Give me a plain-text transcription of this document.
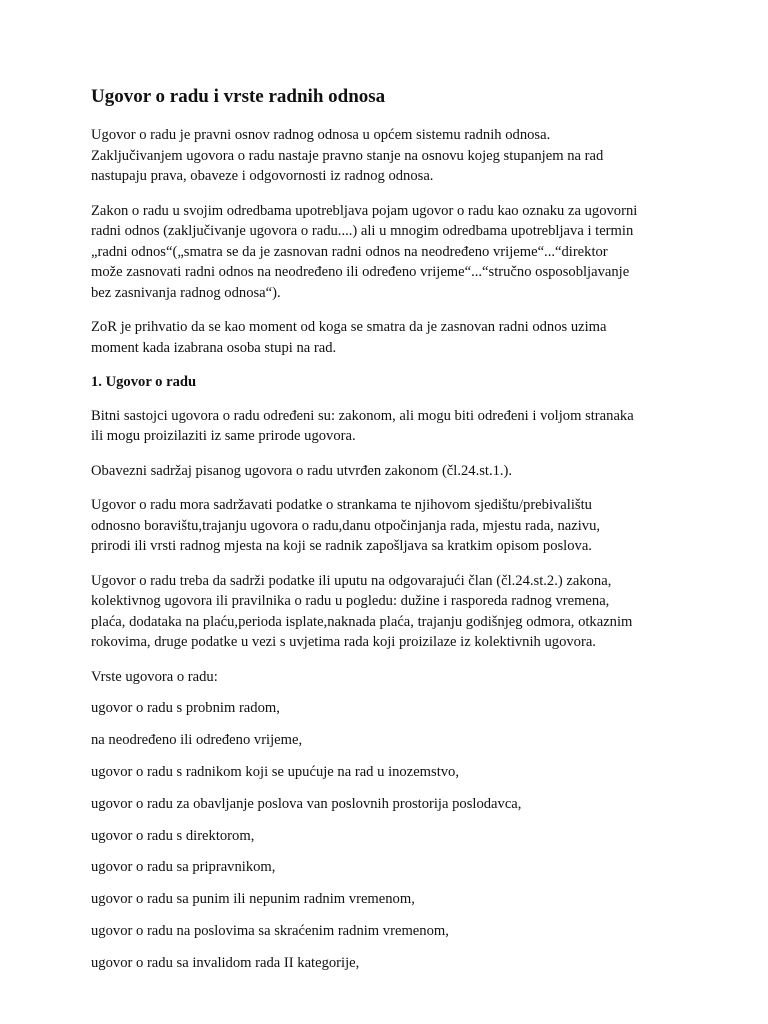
Ugovor o radu i vrste radnih odnosa
Ugovor o radu je pravni osnov radnog odnosa u općem sistemu radnih odnosa.
Zaključivanjem ugovora o radu nastaje pravno stanje na osnovu kojeg stupanjem na rad
nastupaju prava, obaveze i odgovornosti iz radnog odnosa.
Zakon o radu u svojim odredbama upotrebljava pojam ugovor o radu kao oznaku za ugovorni
radni odnos (zaključivanje ugovora o radu....) ali u mnogim odredbama upotrebljava i termin
„radni odnos“(„smatra se da je zasnovan radni odnos na neodređeno vrijeme“...“direktor
može zasnovati radni odnos na neodređeno ili određeno vrijeme“...“stručno osposobljavanje
bez zasnivanja radnog odnosa“).
ZoR je prihvatio da se kao moment od koga se smatra da je zasnovan radni odnos uzima
moment kada izabrana osoba stupi na rad.
1. Ugovor o radu
Bitni sastojci ugovora o radu određeni su: zakonom, ali mogu biti određeni i voljom stranaka
ili mogu proizilaziti iz same prirode ugovora.
Obavezni sadržaj pisanog ugovora o radu utvrđen zakonom (čl.24.st.1.).
Ugovor o radu mora sadržavati podatke o strankama te njihovom sjedištu/prebivalištu
odnosno boravištu,trajanju ugovora o radu,danu otpočinjanja rada, mjestu rada, nazivu,
prirodi ili vrsti radnog mjesta na koji se radnik zapošljava sa kratkim opisom poslova.
Ugovor o radu treba da sadrži podatke ili uputu na odgovarajući član (čl.24.st.2.) zakona,
kolektivnog ugovora ili pravilnika o radu u pogledu: dužine i rasporeda radnog vremena,
plaća, dodataka na plaću,perioda isplate,naknada plaća, trajanju godišnjeg odmora, otkaznim
rokovima, druge podatke u vezi s uvjetima rada koji proizilaze iz kolektivnih ugovora.
Vrste ugovora o radu:
ugovor o radu s probnim radom,
na neodređeno ili određeno vrijeme,
ugovor o radu s radnikom koji se upućuje na rad u inozemstvo,
ugovor o radu za obavljanje poslova van poslovnih prostorija poslodavca,
ugovor o radu s direktorom,
ugovor o radu sa pripravnikom,
ugovor o radu sa punim ili nepunim radnim vremenom,
ugovor o radu na poslovima sa skraćenim radnim vremenom,
ugovor o radu sa invalidom rada II kategorije,
